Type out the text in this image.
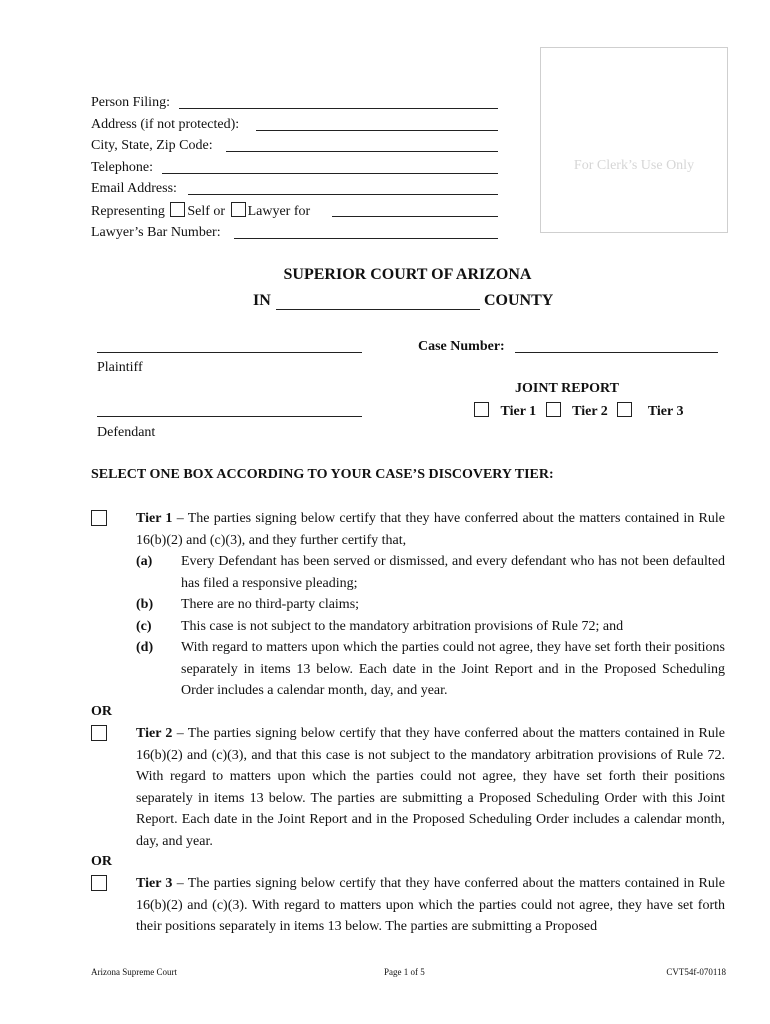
Person Filing:
Address (if not protected):
City, State, Zip Code:
Telephone:
Email Address:
Representing Self or Lawyer for
Lawyer’s Bar Number:
For Clerk’s Use Only
SUPERIOR COURT OF ARIZONA
IN	COUNTY
Plaintiff
Case Number:
JOINT REPORT
Tier 1	Tier 2	Tier 3
Defendant
SELECT ONE BOX ACCORDING TO YOUR CASE’S DISCOVERY TIER:
Tier 1 – The parties signing below certify that they have conferred about the matters contained in Rule 16(b)(2) and (c)(3), and they further certify that,
(a) Every Defendant has been served or dismissed, and every defendant who has not been defaulted has filed a responsive pleading;
(b) There are no third-party claims;
(c) This case is not subject to the mandatory arbitration provisions of Rule 72; and
(d) With regard to matters upon which the parties could not agree, they have set forth their positions separately in items 13 below. Each date in the Joint Report and in the Proposed Scheduling Order includes a calendar month, day, and year.
OR
Tier 2 – The parties signing below certify that they have conferred about the matters contained in Rule 16(b)(2) and (c)(3), and that this case is not subject to the mandatory arbitration provisions of Rule 72. With regard to matters upon which the parties could not agree, they have set forth their positions separately in items 13 below. The parties are submitting a Proposed Scheduling Order with this Joint Report. Each date in the Joint Report and in the Proposed Scheduling Order includes a calendar month, day, and year.
OR
Tier 3 – The parties signing below certify that they have conferred about the matters contained in Rule 16(b)(2) and (c)(3). With regard to matters upon which the parties could not agree, they have set forth their positions separately in items 13 below. The parties are submitting a Proposed
Arizona Supreme Court	Page 1 of 5	CVT54f-070118
